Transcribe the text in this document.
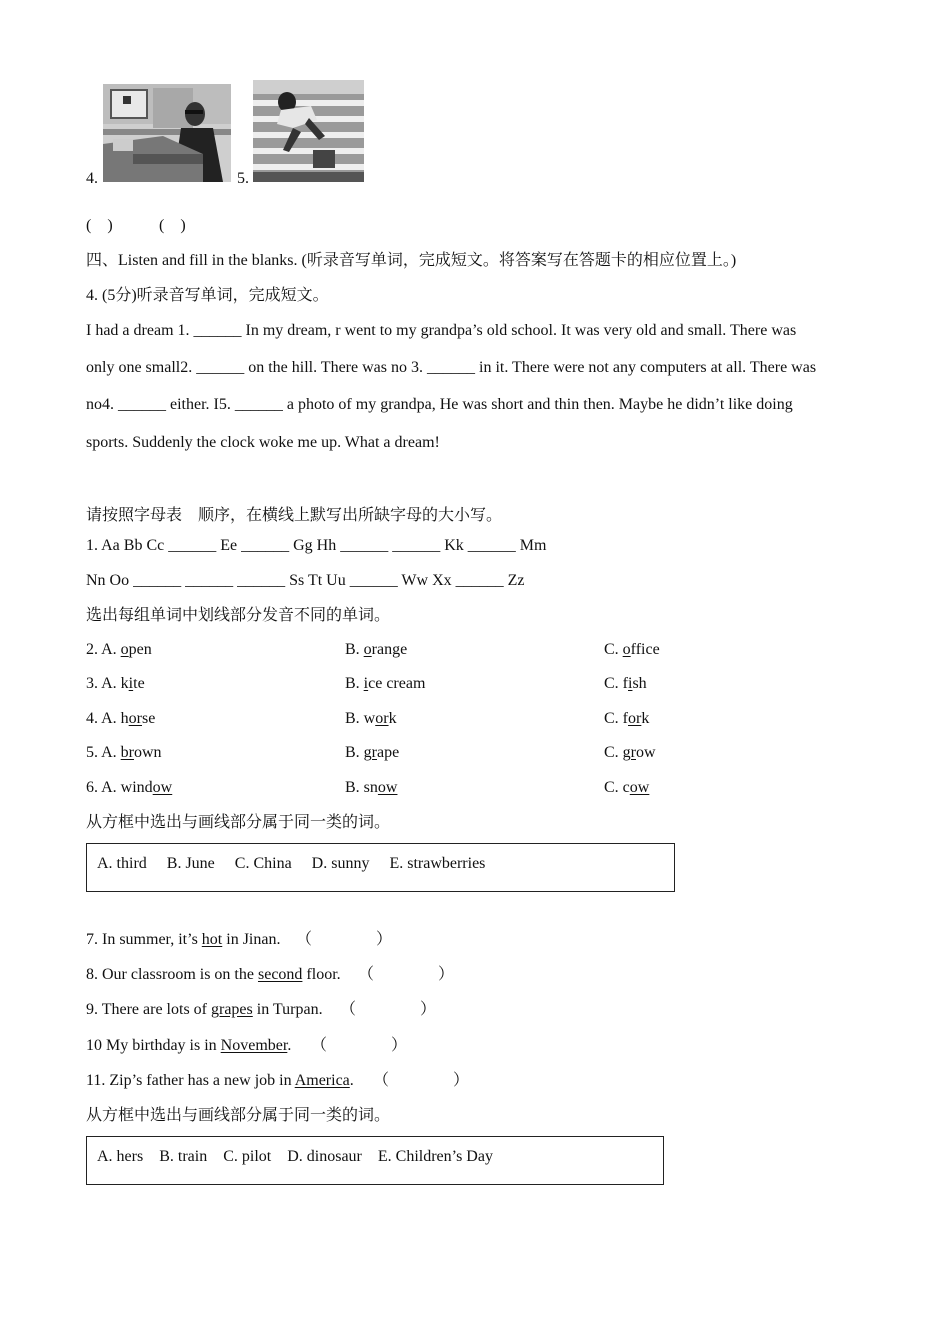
4.	5.
(　)	(　)
四、Listen and fill in the blanks. (听录音写单词，完成短文。将答案写在答题卡的相应位置上。)
4. (5分)听录音写单词，完成短文。
I had a dream 1. ______ In my dream, r went to my grandpa’s old school. It was very old and small. There was
only one small2. ______ on the hill. There was no 3. ______ in it. There were not any computers at all. There was
no4. ______ either. I5. ______ a photo of my grandpa, He was short and thin then. Maybe he didn’t like doing
sports. Suddenly the clock woke me up. What a dream!
请按照字母表　顺序，在横线上默写出所缺字母的大小写。
1. Aa Bb Cc ______ Ee ______ Gg Hh ______ ______ Kk ______ Mm
Nn Oo ______ ______ ______ Ss Tt Uu ______ Ww Xx ______ Zz
选出每组单词中划线部分发音不同的单词。
2. A. open	B. orange	C. office
3. A. kite	B. ice cream	C. fish
4. A. horse	B. work	C. fork
5. A. brown	B. grape	C. grow
6. A. window	B. snow	C. cow
从方框中选出与画线部分属于同一类的词。
A. third　 B. June　 C. China　 D. sunny　 E. strawberries
7. In summer, it’s hot in Jinan. （　　　　）
8. Our classroom is on the second floor. （　　　　）
9. There are lots of grapes in Turpan. （　　　　）
10 My birthday is in November. （　　　　）
11. Zip’s father has a new job in America. （　　　　）
从方框中选出与画线部分属于同一类的词。
A. hers　B. train　C. pilot　D. dinosaur　E. Children’s Day
